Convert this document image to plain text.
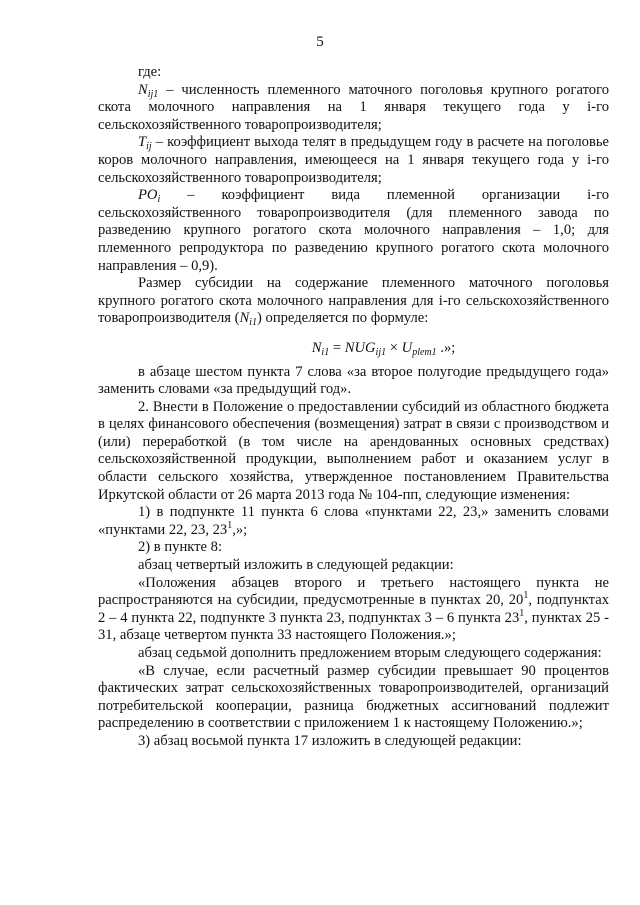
5

где:

$N_{ij1}$ – численность племенного маточного поголовья крупного рогатого скота молочного направления на 1 января текущего года у i-го сельскохозяйственного товаропроизводителя;

$T_{ij}$ – коэффициент выхода телят в предыдущем году в расчете на поголовье коров молочного направления, имеющееся на 1 января текущего года у i-го сельскохозяйственного товаропроизводителя;

$PO_i$ – коэффициент вида племенной организации i-го сельскохозяйственного товаропроизводителя (для племенного завода по разведению крупного рогатого скота молочного направления – 1,0; для племенного репродуктора по разведению крупного рогатого скота молочного направления – 0,9).

Размер субсидии на содержание племенного маточного поголовья крупного рогатого скота молочного направления для i-го сельскохозяйственного товаропроизводителя $(N_{i1})$ определяется по формуле:

$N_{i1} = NUG_{ij1} \times U_{plem1}$ .»;

в абзаце шестом пункта 7 слова «за второе полугодие предыдущего года» заменить словами «за предыдущий год».

2. Внести в Положение о предоставлении субсидий из областного бюджета в целях финансового обеспечения (возмещения) затрат в связи с производством и (или) переработкой (в том числе на арендованных основных средствах) сельскохозяйственной продукции, выполнением работ и оказанием услуг в области сельского хозяйства, утвержденное постановлением Правительства Иркутской области от 26 марта 2013 года № 104-пп, следующие изменения:

1) в подпункте 11 пункта 6 слова «пунктами 22, 23,» заменить словами «пунктами 22, 23, $23^1$,»;

2) в пункте 8:

абзац четвертый изложить в следующей редакции:

«Положения абзацев второго и третьего настоящего пункта не распространяются на субсидии, предусмотренные в пунктах 20, $20^1$, подпунктах 2 – 4 пункта 22, подпункте 3 пункта 23, подпунктах 3 – 6 пункта $23^1$, пунктах 25 - 31, абзаце четвертом пункта 33 настоящего Положения.»;

абзац седьмой дополнить предложением вторым следующего содержания:

«В случае, если расчетный размер субсидии превышает 90 процентов фактических затрат сельскохозяйственных товаропроизводителей, организаций потребительской кооперации, разница бюджетных ассигнований подлежит распределению в соответствии с приложением 1 к настоящему Положению.»;

3) абзац восьмой пункта 17 изложить в следующей редакции:
